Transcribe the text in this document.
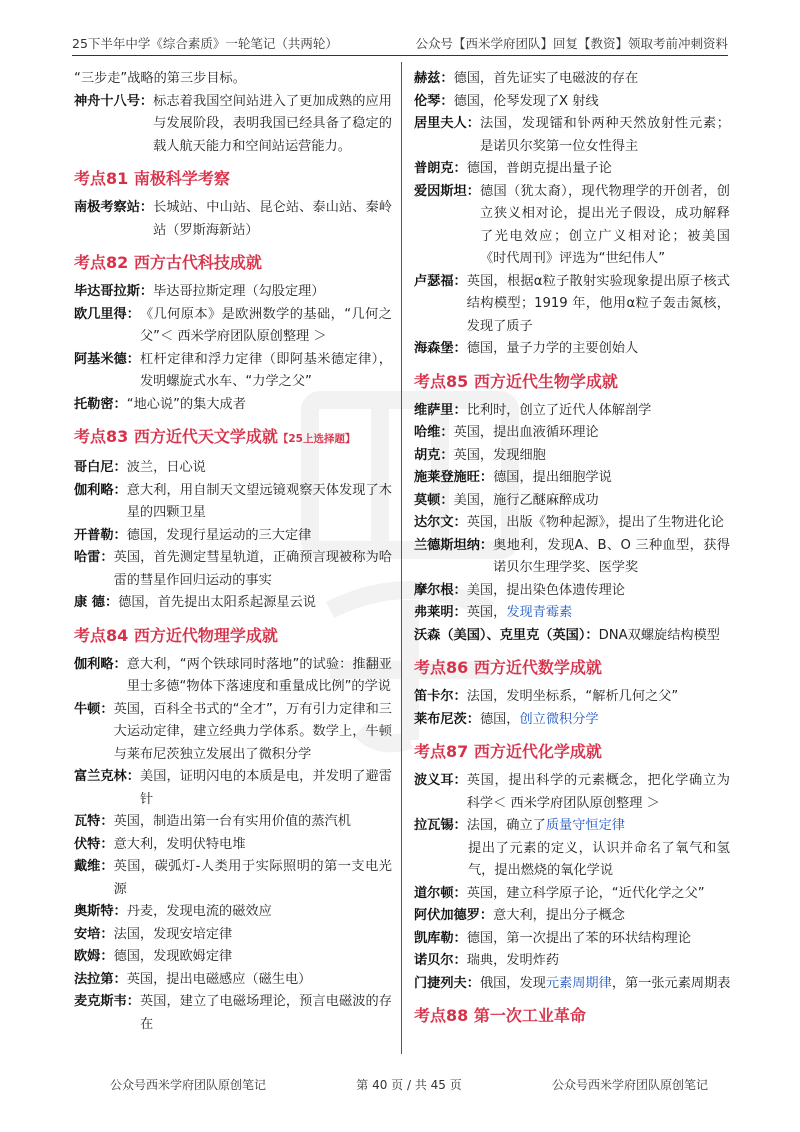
25下半年中学《综合素质》一轮笔记（共两轮）	公众号【西米学府团队】回复【教资】领取考前冲刺资料
“三步走”战略的第三步目标。
神舟十八号： 标志着我国空间站进入了更加成熟的应用与发展阶段，表明我国已经具备了稳定的载人航天能力和空间站运营能力。
考点81 南极科学考察
南极考察站： 长城站、中山站、昆仑站、泰山站、秦岭站（罗斯海新站）
考点82 西方古代科技成就
毕达哥拉斯： 毕达哥拉斯定理（勾股定理）
欧几里得： 《几何原本》是欧洲数学的基础，“几何之父”＜ 西米学府团队原创整理 ＞
阿基米德： 杠杆定律和浮力定律（即阿基米德定律），发明螺旋式水车、“力学之父”
托勒密： “地心说”的集大成者
考点83 西方近代天文学成就【25上选择题】
哥白尼： 波兰，日心说
伽利略： 意大利，用自制天文望远镜观察天体发现了木星的四颗卫星
开普勒： 德国，发现行星运动的三大定律
哈雷： 英国，首先测定彗星轨道，正确预言现被称为哈雷的彗星作回归运动的事实
康 德： 德国，首先提出太阳系起源星云说
考点84 西方近代物理学成就
伽利略： 意大利，“两个铁球同时落地”的试验：推翻亚里士多德“物体下落速度和重量成比例”的学说
牛顿： 英国，百科全书式的“全才”，万有引力定律和三大运动定律，建立经典力学体系。数学上，牛顿与莱布尼茨独立发展出了微积分学
富兰克林： 美国，证明闪电的本质是电，并发明了避雷针
瓦特： 英国，制造出第一台有实用价值的蒸汽机
伏特： 意大利，发明伏特电堆
戴维： 英国，碳弧灯-人类用于实际照明的第一支电光源
奥斯特： 丹麦，发现电流的磁效应
安培： 法国，发现安培定律
欧姆： 德国，发现欧姆定律
法拉第： 英国，提出电磁感应（磁生电）
麦克斯韦： 英国，建立了电磁场理论，预言电磁波的存在
赫兹： 德国，首先证实了电磁波的存在
伦琴： 德国，伦琴发现了X 射线
居里夫人： 法国，发现镭和钋两种天然放射性元素；是诺贝尔奖第一位女性得主
普朗克： 德国，普朗克提出量子论
爱因斯坦： 德国（犹太裔），现代物理学的开创者，创立狭义相对论，提出光子假设，成功解释了光电效应；创立广义相对论；被美国《时代周刊》评选为“世纪伟人”
卢瑟福： 英国，根据α粒子散射实验现象提出原子核式结构模型；1919 年，他用α粒子轰击氮核，发现了质子
海森堡： 德国，量子力学的主要创始人
考点85 西方近代生物学成就
维萨里： 比利时，创立了近代人体解剖学
哈维： 英国，提出血液循环理论
胡克： 英国，发现细胞
施莱登施旺： 德国，提出细胞学说
莫顿： 美国，施行乙醚麻醉成功
达尔文： 英国，出版《物种起源》，提出了生物进化论
兰德斯坦纳： 奥地利，发现A、B、O 三种血型，获得诺贝尔生理学奖、医学奖
摩尔根： 美国，提出染色体遗传理论
弗莱明： 英国，发现青霉素
沃森（美国）、克里克（英国）： DNA双螺旋结构模型
考点86 西方近代数学成就
笛卡尔： 法国，发明坐标系，“解析几何之父”
莱布尼茨： 德国，创立微积分学
考点87 西方近代化学成就
波义耳： 英国，提出科学的元素概念，把化学确立为科学＜ 西米学府团队原创整理 ＞
拉瓦锡： 法国，确立了质量守恒定律
提出了元素的定义，认识并命名了氧气和氢气，提出燃烧的氧化学说
道尔顿： 英国，建立科学原子论，“近代化学之父”
阿伏加德罗： 意大利，提出分子概念
凯库勒： 德国，第一次提出了苯的环状结构理论
诺贝尔： 瑞典，发明炸药
门捷列夫： 俄国，发现元素周期律，第一张元素周期表
考点88 第一次工业革命
公众号西米学府团队原创笔记	第 40 页 / 共 45 页	公众号西米学府团队原创笔记
